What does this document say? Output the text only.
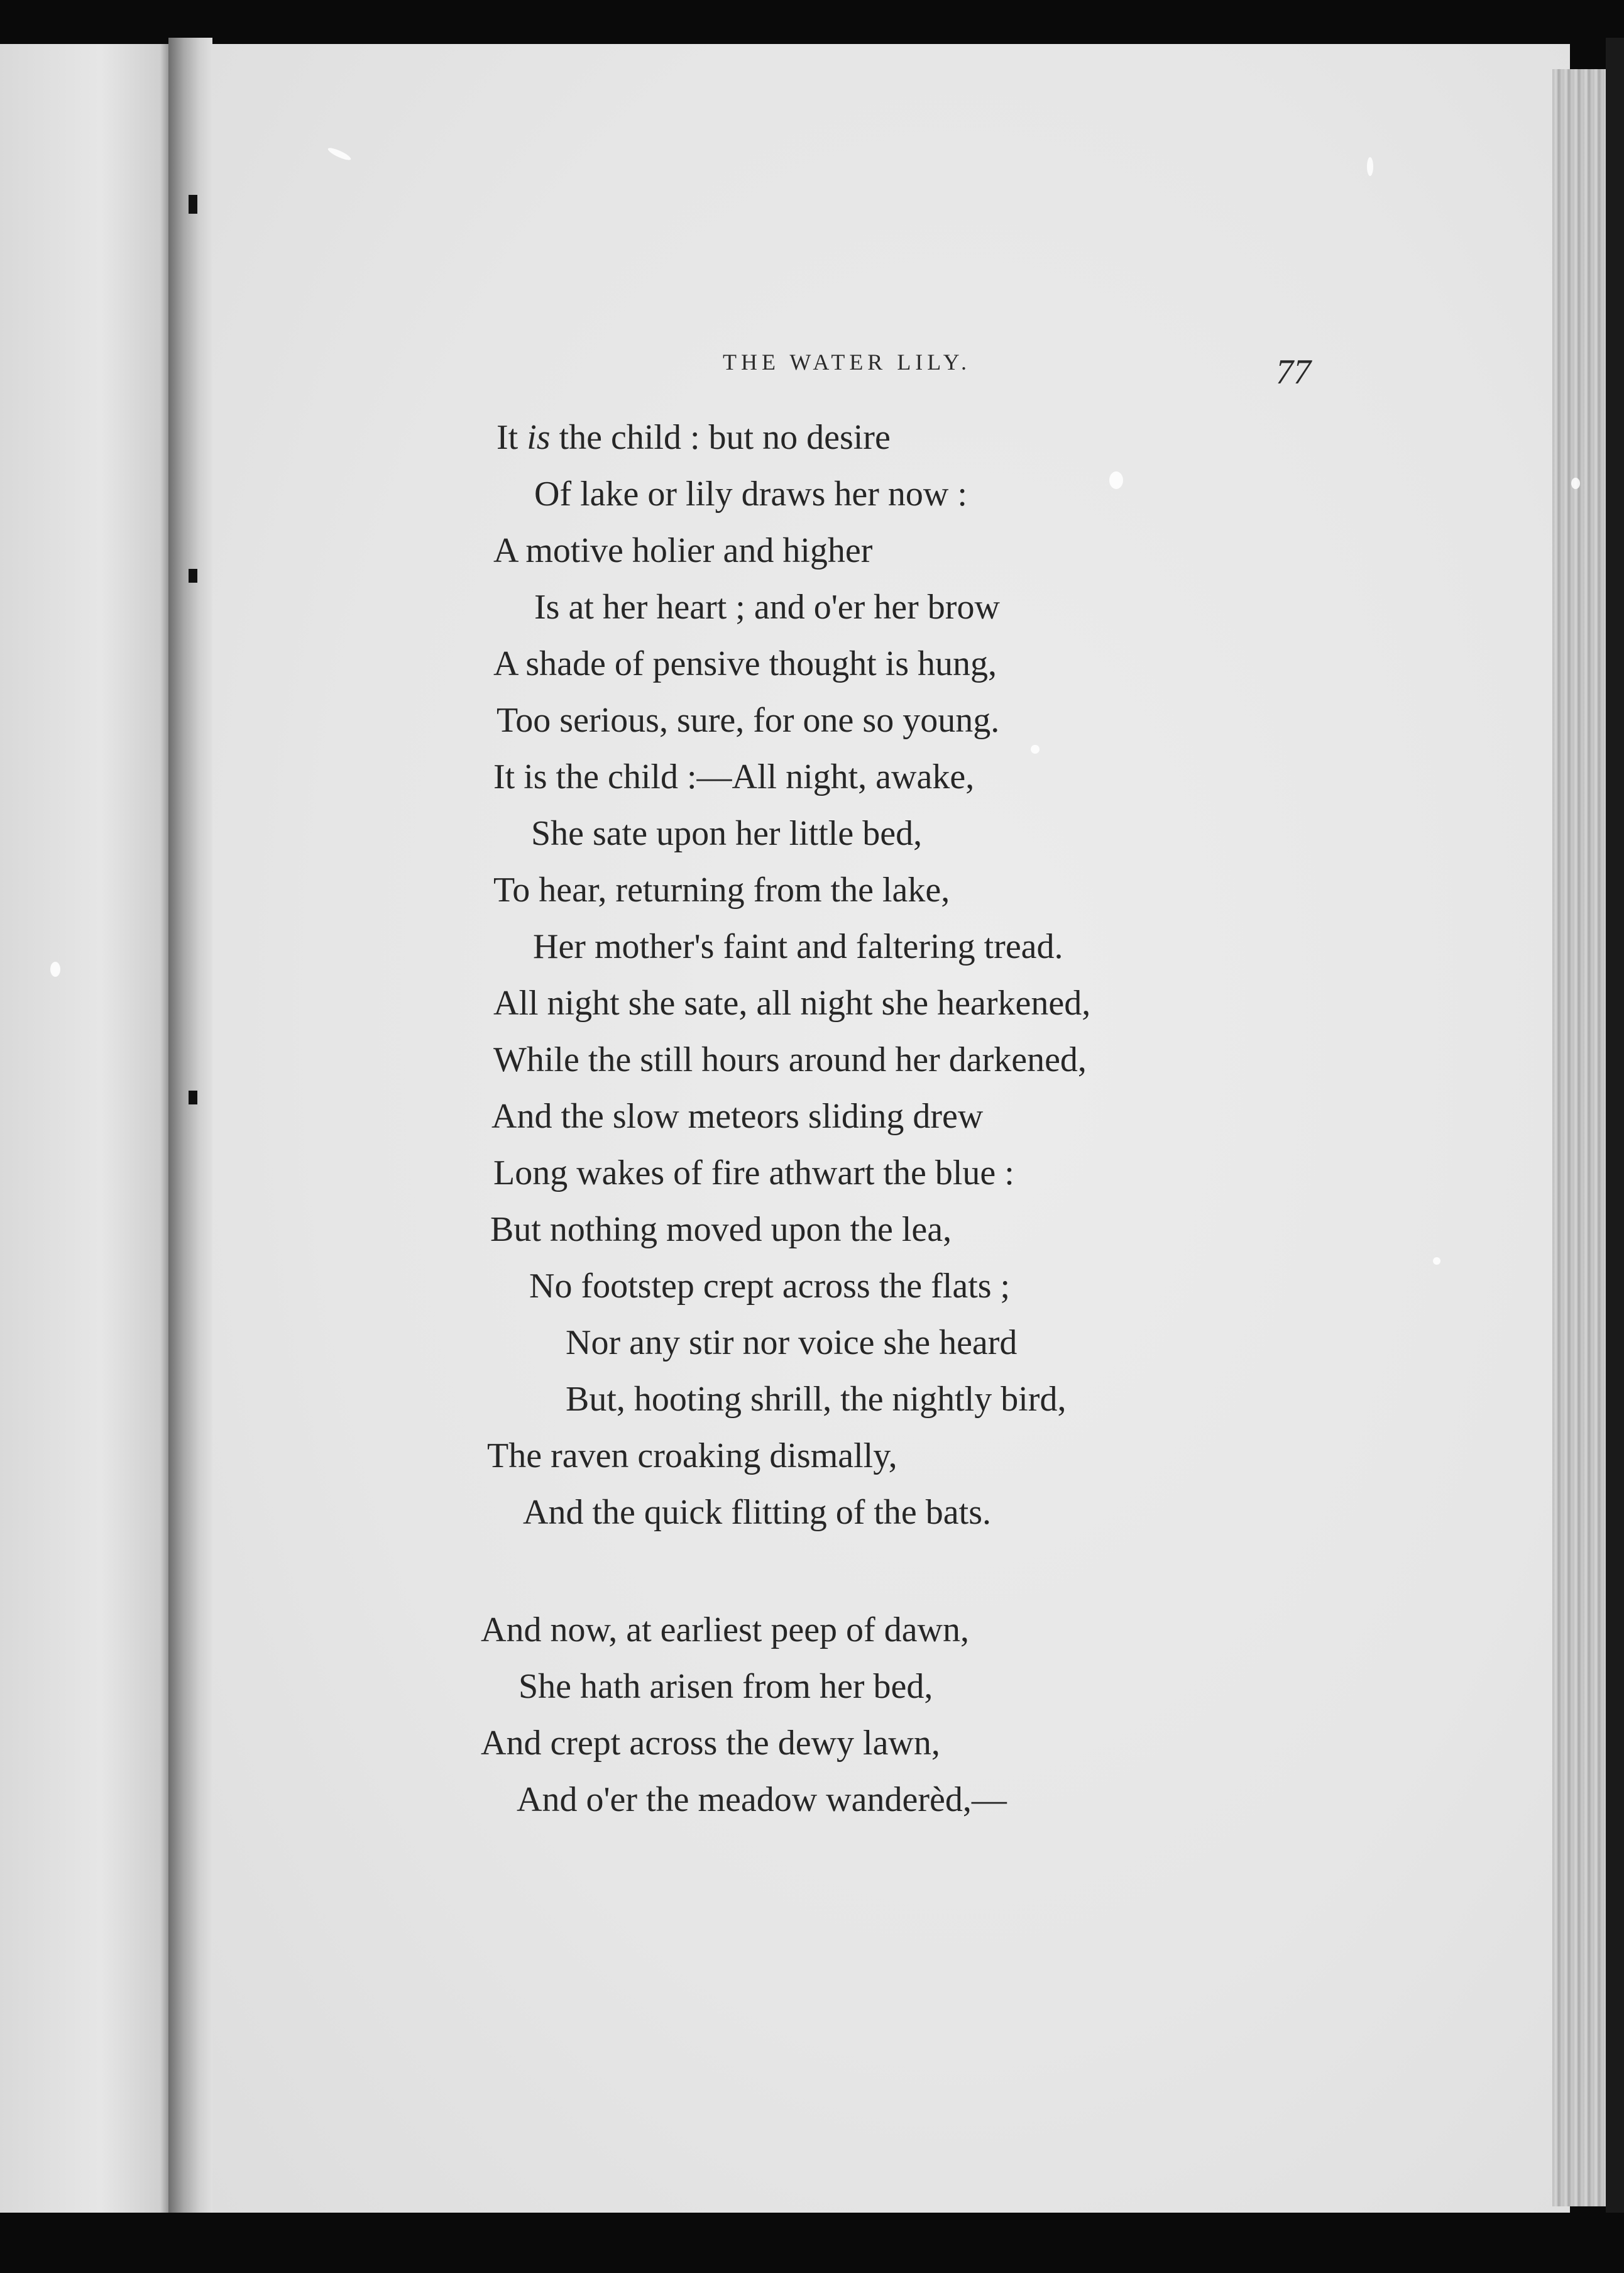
THE WATER LILY.	77
It is the child : but no desire
Of lake or lily draws her now :
A motive holier and higher
Is at her heart ; and o'er her brow
A shade of pensive thought is hung,
Too serious, sure, for one so young.
It is the child :—All night, awake,
She sate upon her little bed,
To hear, returning from the lake,
Her mother's faint and faltering tread.
All night she sate, all night she hearkened,
While the still hours around her darkened,
And the slow meteors sliding drew
Long wakes of fire athwart the blue :
But nothing moved upon the lea,
No footstep crept across the flats ;
Nor any stir nor voice she heard
But, hooting shrill, the nightly bird,
The raven croaking dismally,
And the quick flitting of the bats.
And now, at earliest peep of dawn,
She hath arisen from her bed,
And crept across the dewy lawn,
And o'er the meadow wanderèd,—
